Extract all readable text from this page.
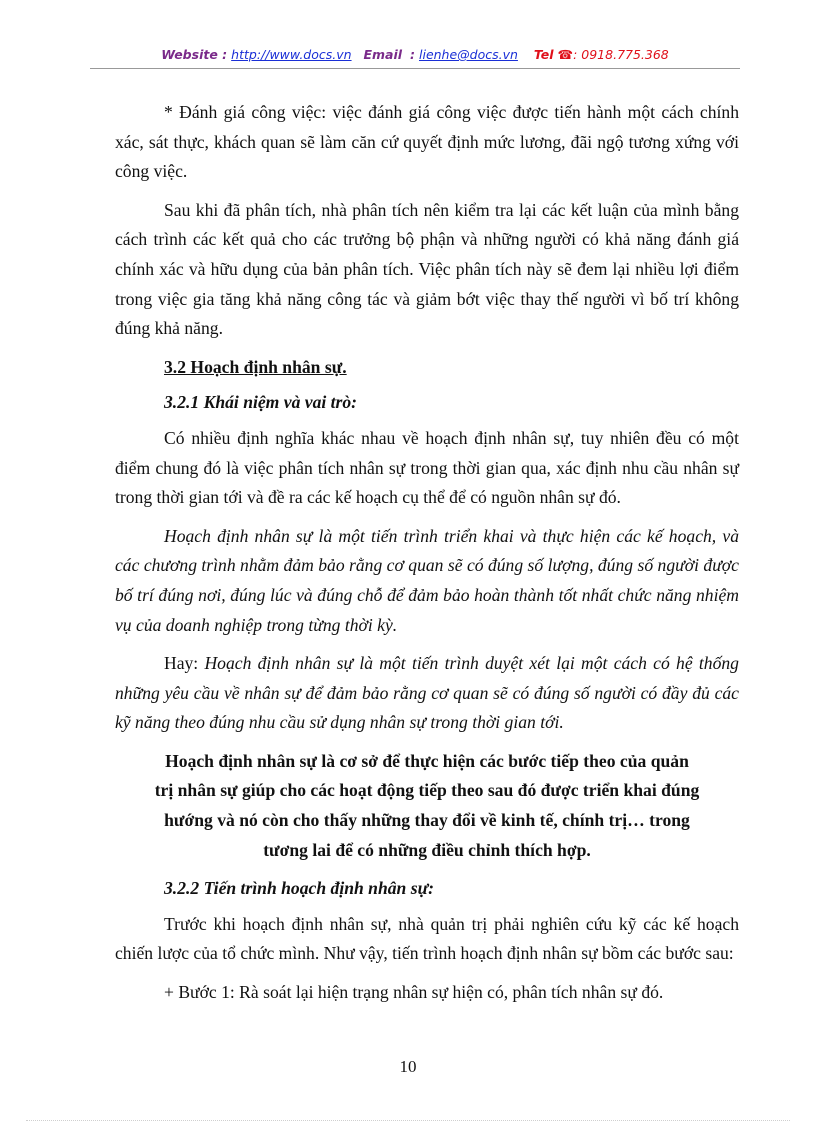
Website : http://www.docs.vn Email : lienhe@docs.vn Tel ☎: 0918.775.368

* Đánh giá công việc: việc đánh giá công việc được tiến hành một cách chính xác, sát thực, khách quan sẽ làm căn cứ quyết định mức lương, đãi ngộ tương xứng với công việc.

Sau khi đã phân tích, nhà phân tích nên kiểm tra lại các kết luận của mình bằng cách trình các kết quả cho các trưởng bộ phận và những người có khả năng đánh giá chính xác và hữu dụng của bản phân tích. Việc phân tích này sẽ đem lại nhiều lợi điểm trong việc gia tăng khả năng công tác và giảm bớt việc thay thế người vì bố trí không đúng khả năng.

3.2 Hoạch định nhân sự.
3.2.1 Khái niệm và vai trò:

Có nhiều định nghĩa khác nhau về hoạch định nhân sự, tuy nhiên đều có một điểm chung đó là việc phân tích nhân sự trong thời gian qua, xác định nhu cầu nhân sự trong thời gian tới và đề ra các kế hoạch cụ thể để có nguồn nhân sự đó.

Hoạch định nhân sự là một tiến trình triển khai và thực hiện các kế hoạch, và các chương trình nhằm đảm bảo rằng cơ quan sẽ có đúng số lượng, đúng số người được bố trí đúng nơi, đúng lúc và đúng chỗ để đảm bảo hoàn thành tốt nhất chức năng nhiệm vụ của doanh nghiệp trong từng thời kỳ.

Hay: Hoạch định nhân sự là một tiến trình duyệt xét lại một cách có hệ thống những yêu cầu về nhân sự để đảm bảo rằng cơ quan sẽ có đúng số người có đầy đủ các kỹ năng theo đúng nhu cầu sử dụng nhân sự trong thời gian tới.

Hoạch định nhân sự là cơ sở để thực hiện các bước tiếp theo của quản
trị nhân sự giúp cho các hoạt động tiếp theo sau đó được triển khai đúng
hướng và nó còn cho thấy những thay đổi về kinh tế, chính trị… trong
tương lai để có những điều chỉnh thích hợp.

3.2.2 Tiến trình hoạch định nhân sự:

Trước khi hoạch định nhân sự, nhà quản trị phải nghiên cứu kỹ các kế hoạch chiến lược của tổ chức mình. Như vậy, tiến trình hoạch định nhân sự bồm các bước sau:

+ Bước 1: Rà soát lại hiện trạng nhân sự hiện có, phân tích nhân sự đó.

10
